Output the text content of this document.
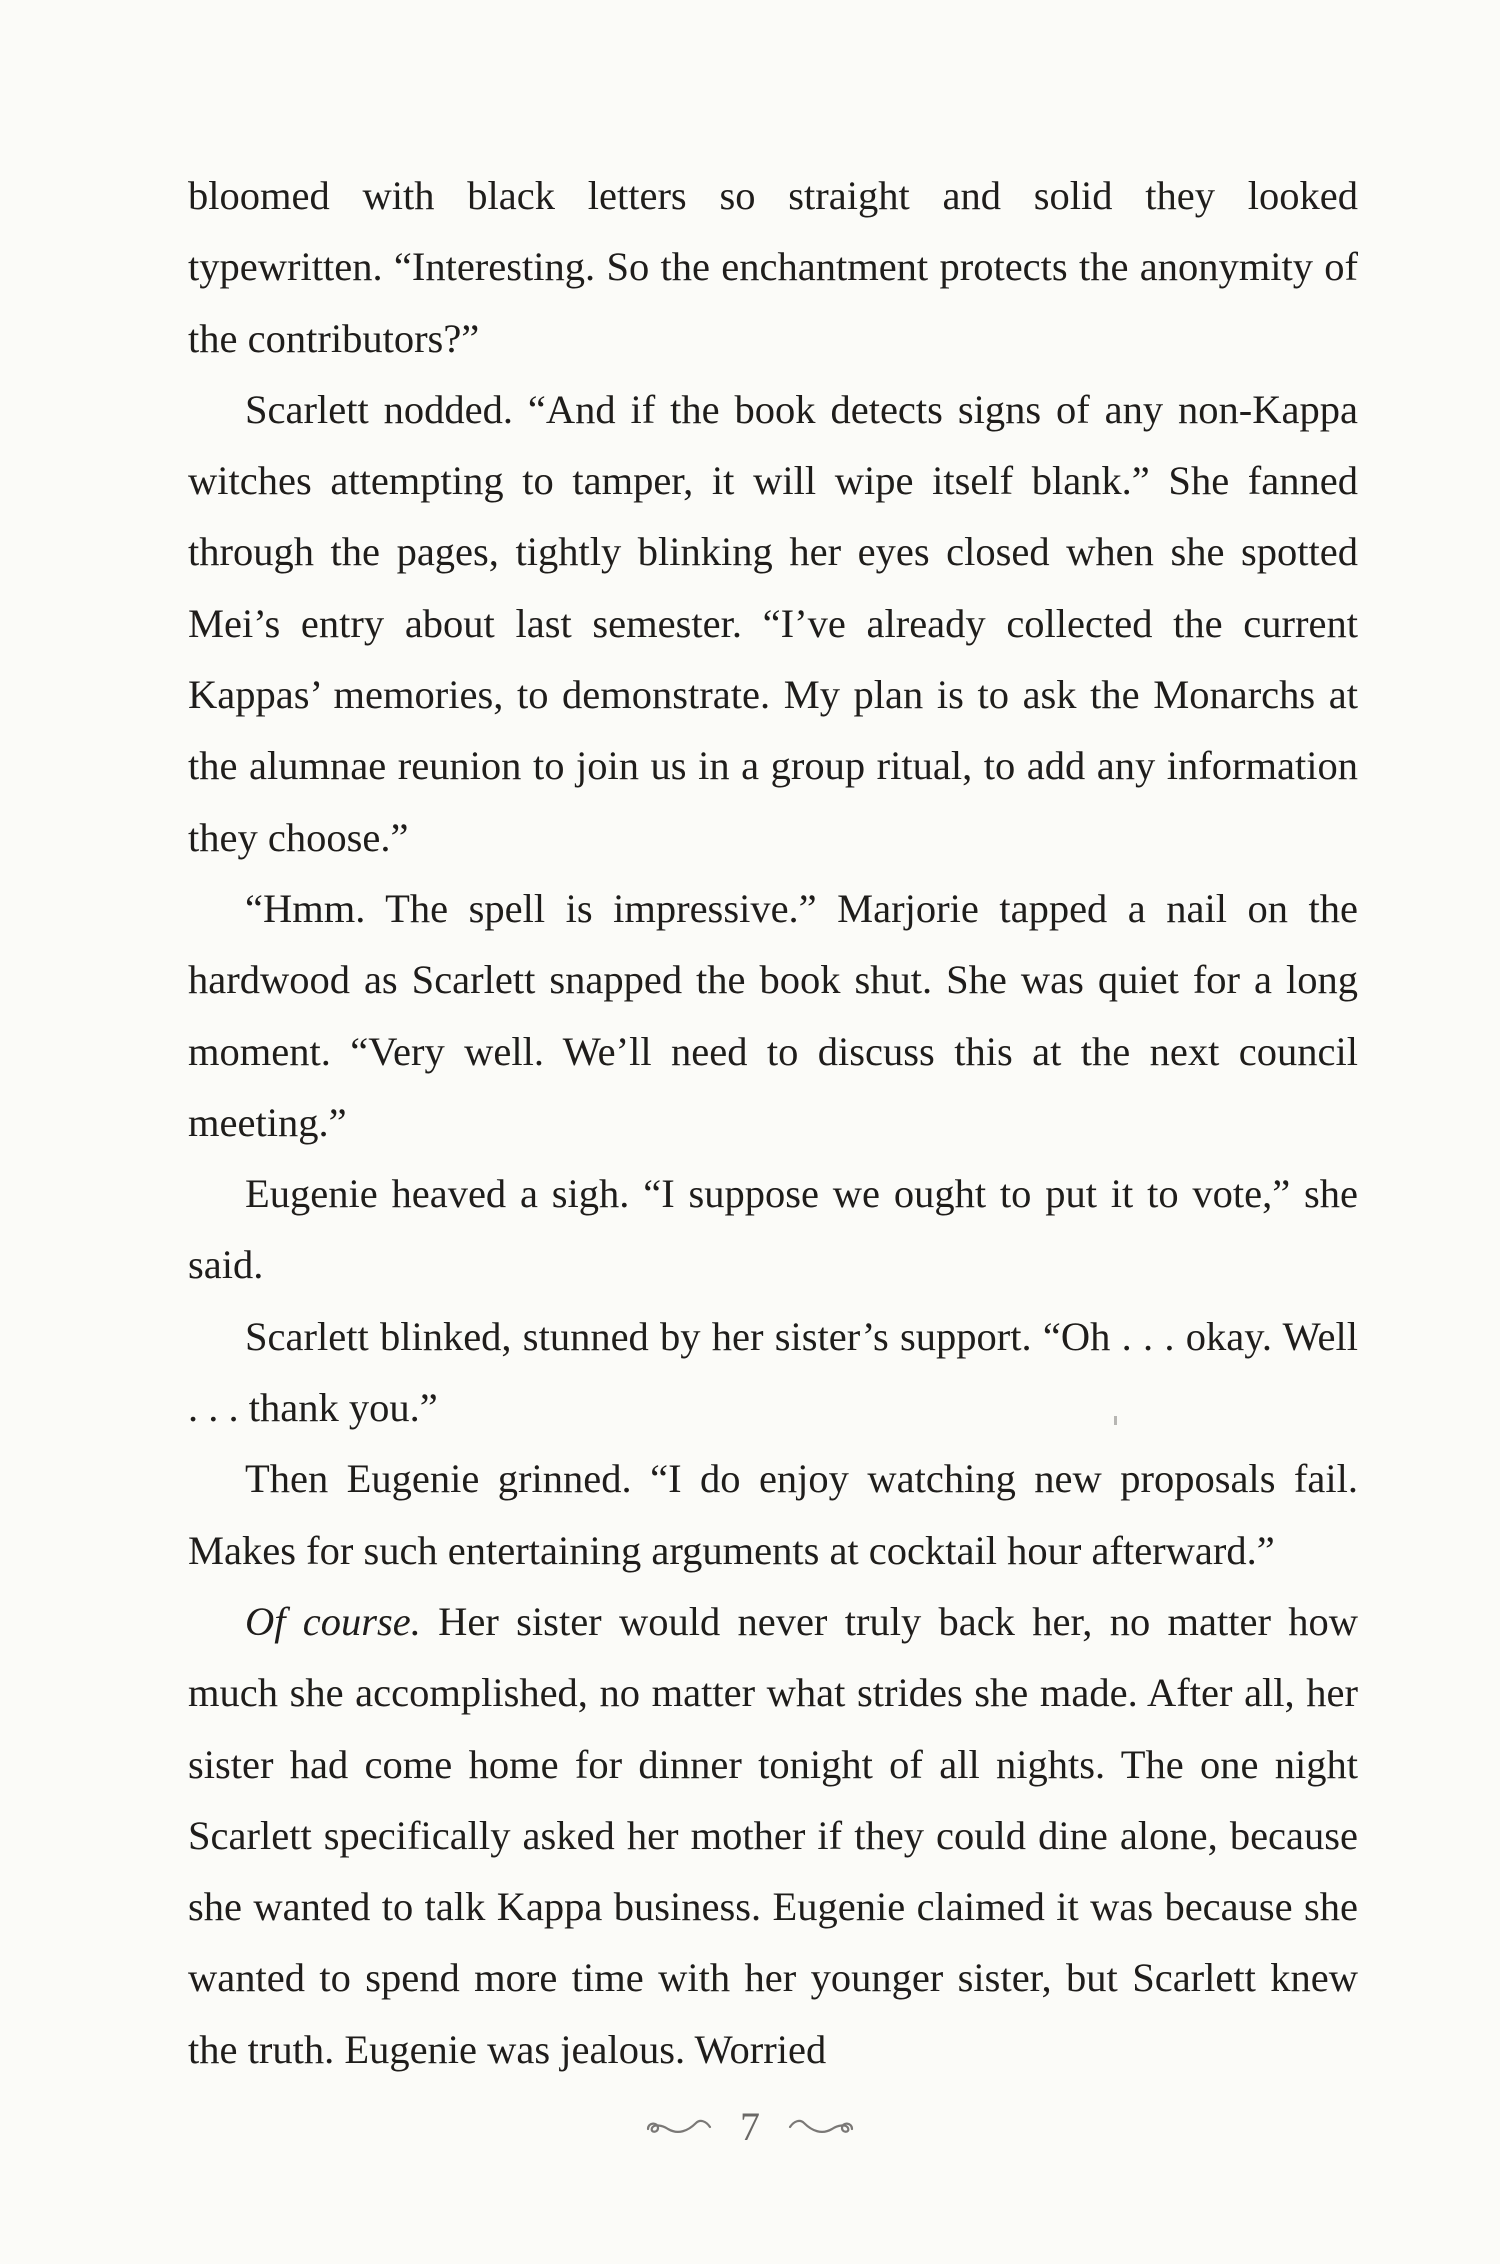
bloomed with black letters so straight and solid they looked typewritten. “Interesting. So the enchantment protects the anonymity of the contributors?”

Scarlett nodded. “And if the book detects signs of any non-Kappa witches attempting to tamper, it will wipe itself blank.” She fanned through the pages, tightly blinking her eyes closed when she spotted Mei’s entry about last semester. “I’ve already collected the current Kappas’ memories, to demonstrate. My plan is to ask the Monarchs at the alumnae reunion to join us in a group ritual, to add any information they choose.”

“Hmm. The spell is impressive.” Marjorie tapped a nail on the hardwood as Scarlett snapped the book shut. She was quiet for a long moment. “Very well. We’ll need to discuss this at the next council meeting.”

Eugenie heaved a sigh. “I suppose we ought to put it to vote,” she said.

Scarlett blinked, stunned by her sister’s support. “Oh . . . okay. Well . . . thank you.”

Then Eugenie grinned. “I do enjoy watching new proposals fail. Makes for such entertaining arguments at cocktail hour afterward.”

Of course. Her sister would never truly back her, no matter how much she accomplished, no matter what strides she made. After all, her sister had come home for dinner tonight of all nights. The one night Scarlett specifically asked her mother if they could dine alone, because she wanted to talk Kappa business. Eugenie claimed it was because she wanted to spend more time with her younger sister, but Scarlett knew the truth. Eugenie was jealous. Worried

7
